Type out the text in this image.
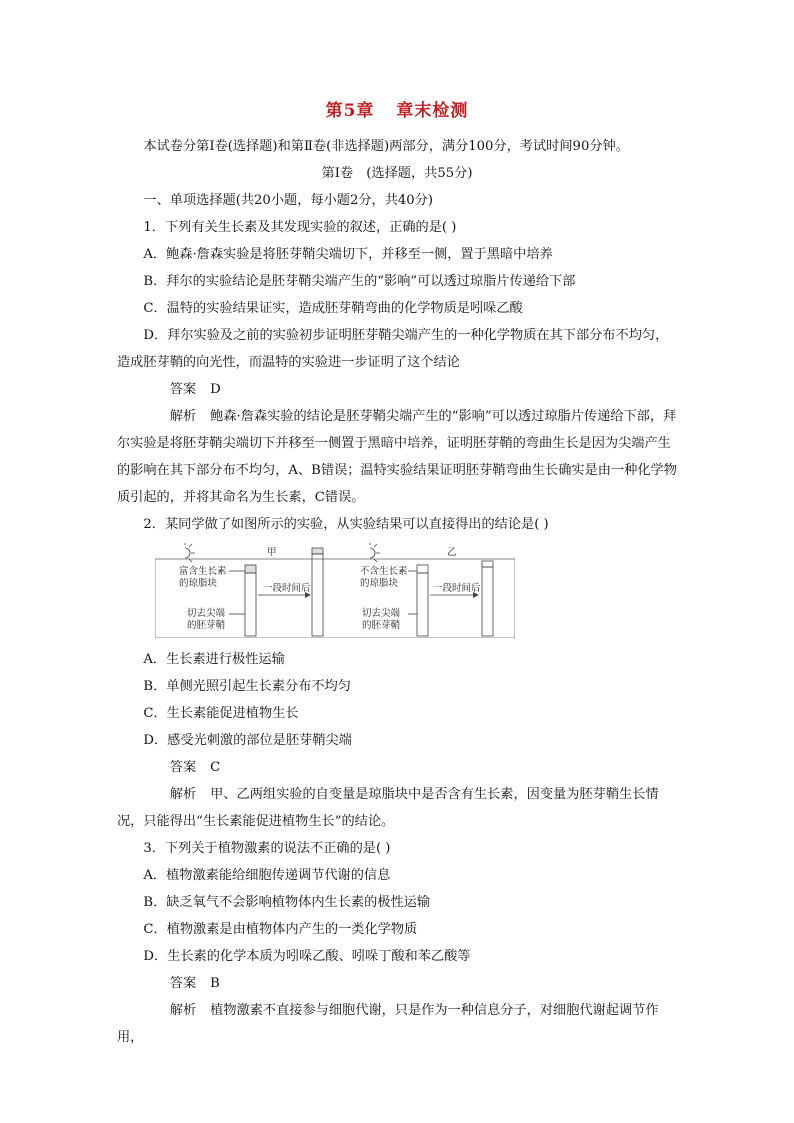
第5章 章末检测

本试卷分第Ⅰ卷(选择题)和第Ⅱ卷(非选择题)两部分，满分100分，考试时间90分钟。

第Ⅰ卷　(选择题，共55分)

一、单项选择题(共20小题，每小题2分，共40分)

1．下列有关生长素及其发现实验的叙述，正确的是( )

A．鲍森·詹森实验是将胚芽鞘尖端切下，并移至一侧，置于黑暗中培养

B．拜尔的实验结论是胚芽鞘尖端产生的“影响”可以透过琼脂片传递给下部

C．温特的实验结果证实，造成胚芽鞘弯曲的化学物质是吲哚乙酸

D．拜尔实验及之前的实验初步证明胚芽鞘尖端产生的一种化学物质在其下部分布不均匀，造成胚芽鞘的向光性，而温特的实验进一步证明了这个结论

答案 D

解析 鲍森·詹森实验的结论是胚芽鞘尖端产生的“影响”可以透过琼脂片传递给下部，拜尔实验是将胚芽鞘尖端切下并移至一侧置于黑暗中培养，证明胚芽鞘的弯曲生长是因为尖端产生的影响在其下部分布不均匀，A、B错误；温特实验结果证明胚芽鞘弯曲生长确实是由一种化学物质引起的，并将其命名为生长素，C错误。

2．某同学做了如图所示的实验，从实验结果可以直接得出的结论是( )

富含生长素
的琼脂块
切去尖端
的胚芽鞘
甲
一段时间后
不含生长素
的琼脂块
切去尖端
的胚芽鞘
乙
一段时间后

A．生长素进行极性运输

B．单侧光照引起生长素分布不均匀

C．生长素能促进植物生长

D．感受光刺激的部位是胚芽鞘尖端

答案 C

解析 甲、乙两组实验的自变量是琼脂块中是否含有生长素，因变量为胚芽鞘生长情况，只能得出“生长素能促进植物生长”的结论。

3．下列关于植物激素的说法不正确的是( )

A．植物激素能给细胞传递调节代谢的信息

B．缺乏氧气不会影响植物体内生长素的极性运输

C．植物激素是由植物体内产生的一类化学物质

D．生长素的化学本质为吲哚乙酸、吲哚丁酸和苯乙酸等

答案 B

解析 植物激素不直接参与细胞代谢，只是作为一种信息分子，对细胞代谢起调节作用，
